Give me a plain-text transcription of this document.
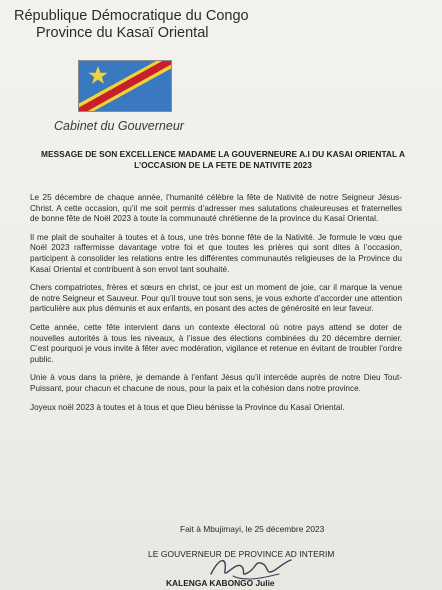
République Démocratique du Congo
Province du Kasaï Oriental
Cabinet du Gouverneur
MESSAGE DE SON EXCELLENCE MADAME LA GOUVERNEURE A.I DU KASAI ORIENTAL A
L’OCCASION DE LA FETE DE NATIVITE 2023

Le 25 décembre de chaque année, l’humanité célèbre la fête de Nativité de notre Seigneur Jésus-Christ. A cette occasion, qu’il me soit permis d’adresser mes salutations chaleureuses et fraternelles de bonne fête de Noël 2023 à toute la communauté chrétienne de la province du Kasaï Oriental.

Il me plait de souhaiter à toutes et à tous, une très bonne fête de la Nativité. Je formule le vœu que Noël 2023 raffermisse davantage votre foi et que toutes les prières qui sont dites à l’occasion, participent à consolider les relations entre les différentes communautés religieuses de la Province du Kasaï Oriental et contribuent à son envol tant souhaité.

Chers compatriotes, frères et sœurs en christ, ce jour est un moment de joie, car il marque la venue de notre Seigneur et Sauveur. Pour qu’il trouve tout son sens, je vous exhorte d’accorder une attention particulière aux plus démunis et aux enfants, en posant des actes de générosité en leur faveur.

Cette année, cette fête intervient dans un contexte électoral où notre pays attend se doter de nouvelles autorités à tous les niveaux, à l’issue des élections combinées du 20 décembre dernier. C’est pourquoi je vous invite à fêter avec modération, vigilance et retenue en évitant de troubler l’ordre public.

Unie à vous dans la prière, je demande à l’enfant Jésus qu’il intercède auprès de notre Dieu Tout-Puissant, pour chacun et chacune de nous, pour la paix et la cohésion dans notre province.

Joyeux noël 2023 à toutes et à tous et que Dieu bénisse la Province du Kasaï Oriental.

Fait à Mbujimayi, le 25 décembre 2023
LE GOUVERNEUR DE PROVINCE AD INTERIM
KALENGA KABONGO Julie
